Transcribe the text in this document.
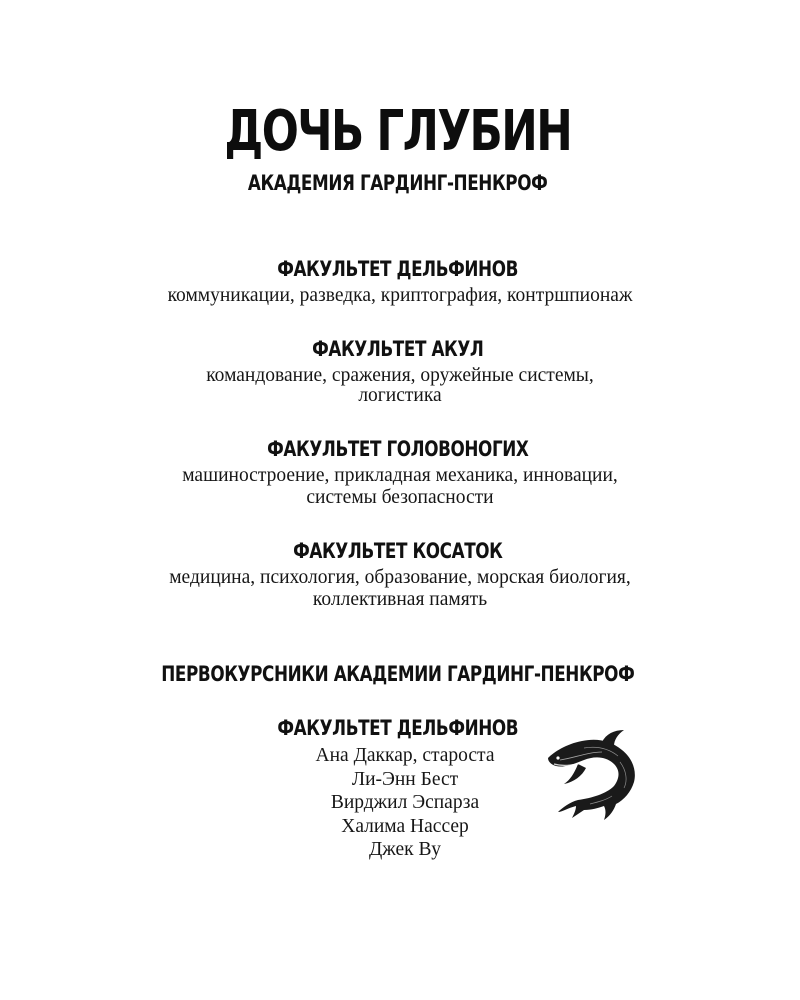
ДОЧЬ ГЛУБИН
АКАДЕМИЯ ГАРДИНГ-ПЕНКРОФ
ФАКУЛЬТЕТ ДЕЛЬФИНОВ
коммуникации, разведка, криптография, контршпионаж
ФАКУЛЬТЕТ АКУЛ
командование, сражения, оружейные системы,
логистика
ФАКУЛЬТЕТ ГОЛОВОНОГИХ
машиностроение, прикладная механика, инновации,
системы безопасности
ФАКУЛЬТЕТ КОСАТОК
медицина, психология, образование, морская биология,
коллективная память
ПЕРВОКУРСНИКИ АКАДЕМИИ ГАРДИНГ-ПЕНКРОФ
ФАКУЛЬТЕТ ДЕЛЬФИНОВ
Ана Даккар, староста
Ли-Энн Бест
Вирджил Эспарза
Халима Нассер
Джек Ву
